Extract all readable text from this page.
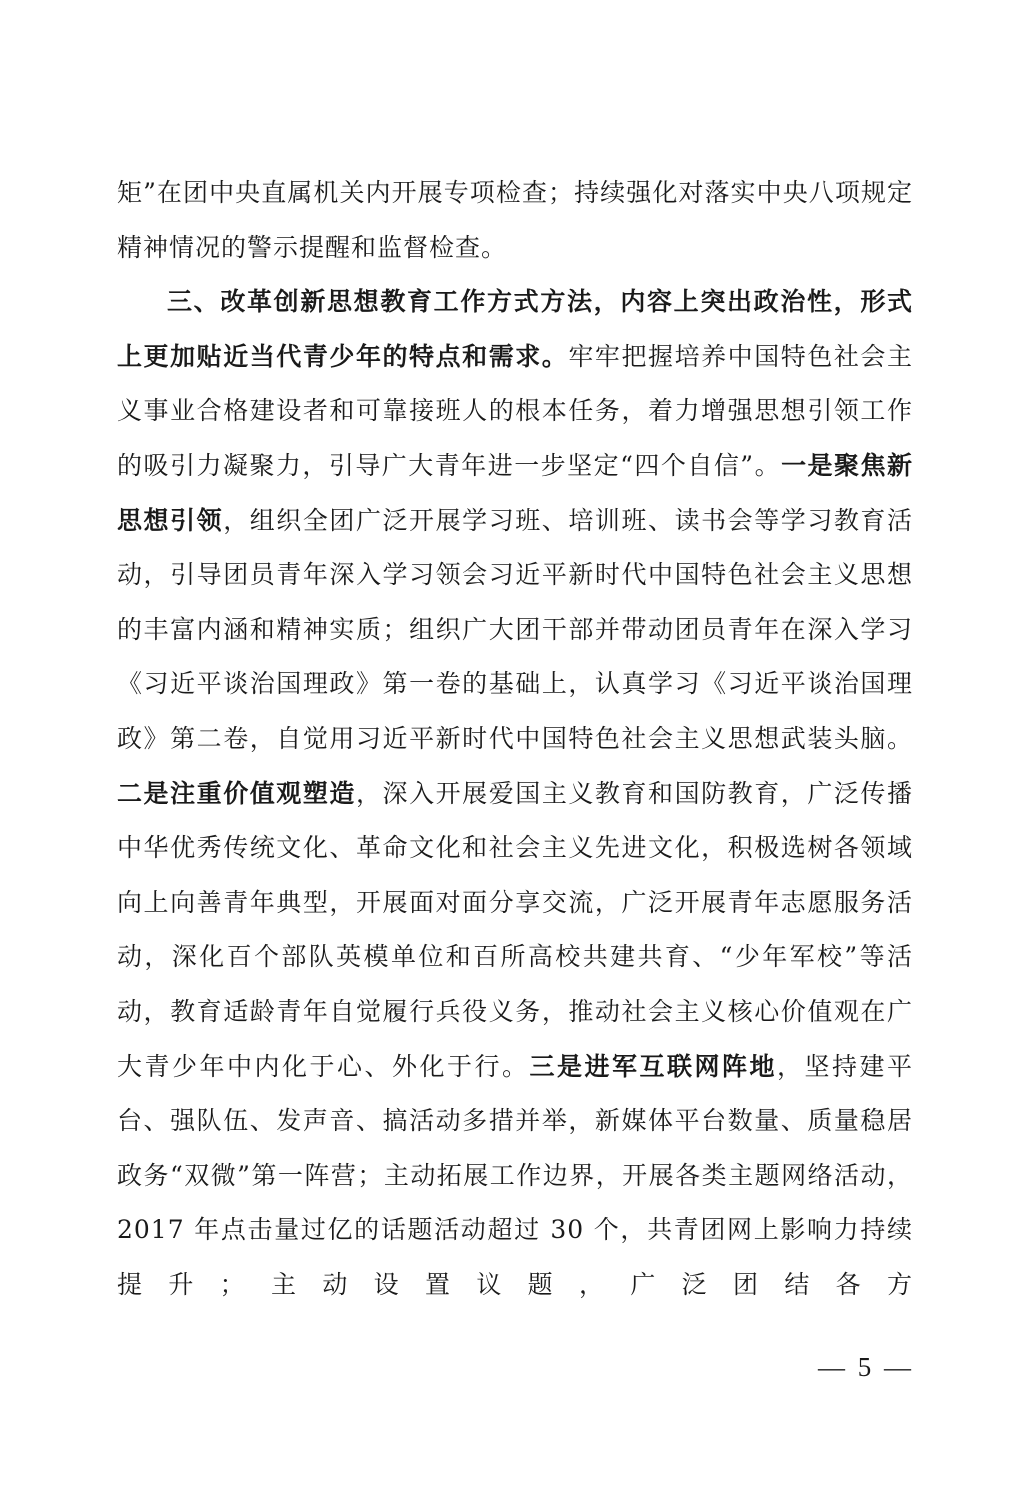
矩”在团中央直属机关内开展专项检查；持续强化对落实中央八项规定精神情况的警示提醒和监督检查。

三、改革创新思想教育工作方式方法，内容上突出政治性，形式上更加贴近当代青少年的特点和需求。牢牢把握培养中国特色社会主义事业合格建设者和可靠接班人的根本任务，着力增强思想引领工作的吸引力凝聚力，引导广大青年进一步坚定“四个自信”。一是聚焦新思想引领，组织全团广泛开展学习班、培训班、读书会等学习教育活动，引导团员青年深入学习领会习近平新时代中国特色社会主义思想的丰富内涵和精神实质；组织广大团干部并带动团员青年在深入学习《习近平谈治国理政》第一卷的基础上，认真学习《习近平谈治国理政》第二卷，自觉用习近平新时代中国特色社会主义思想武装头脑。二是注重价值观塑造，深入开展爱国主义教育和国防教育，广泛传播中华优秀传统文化、革命文化和社会主义先进文化，积极选树各领域向上向善青年典型，开展面对面分享交流，广泛开展青年志愿服务活动，深化百个部队英模单位和百所高校共建共育、“少年军校”等活动，教育适龄青年自觉履行兵役义务，推动社会主义核心价值观在广大青少年中内化于心、外化于行。三是进军互联网阵地，坚持建平台、强队伍、发声音、搞活动多措并举，新媒体平台数量、质量稳居政务“双微”第一阵营；主动拓展工作边界，开展各类主题网络活动，2017 年点击量过亿的话题活动超过 30 个，共青团网上影响力持续提升；主动设置议题，广泛团结各方

— 5 —
